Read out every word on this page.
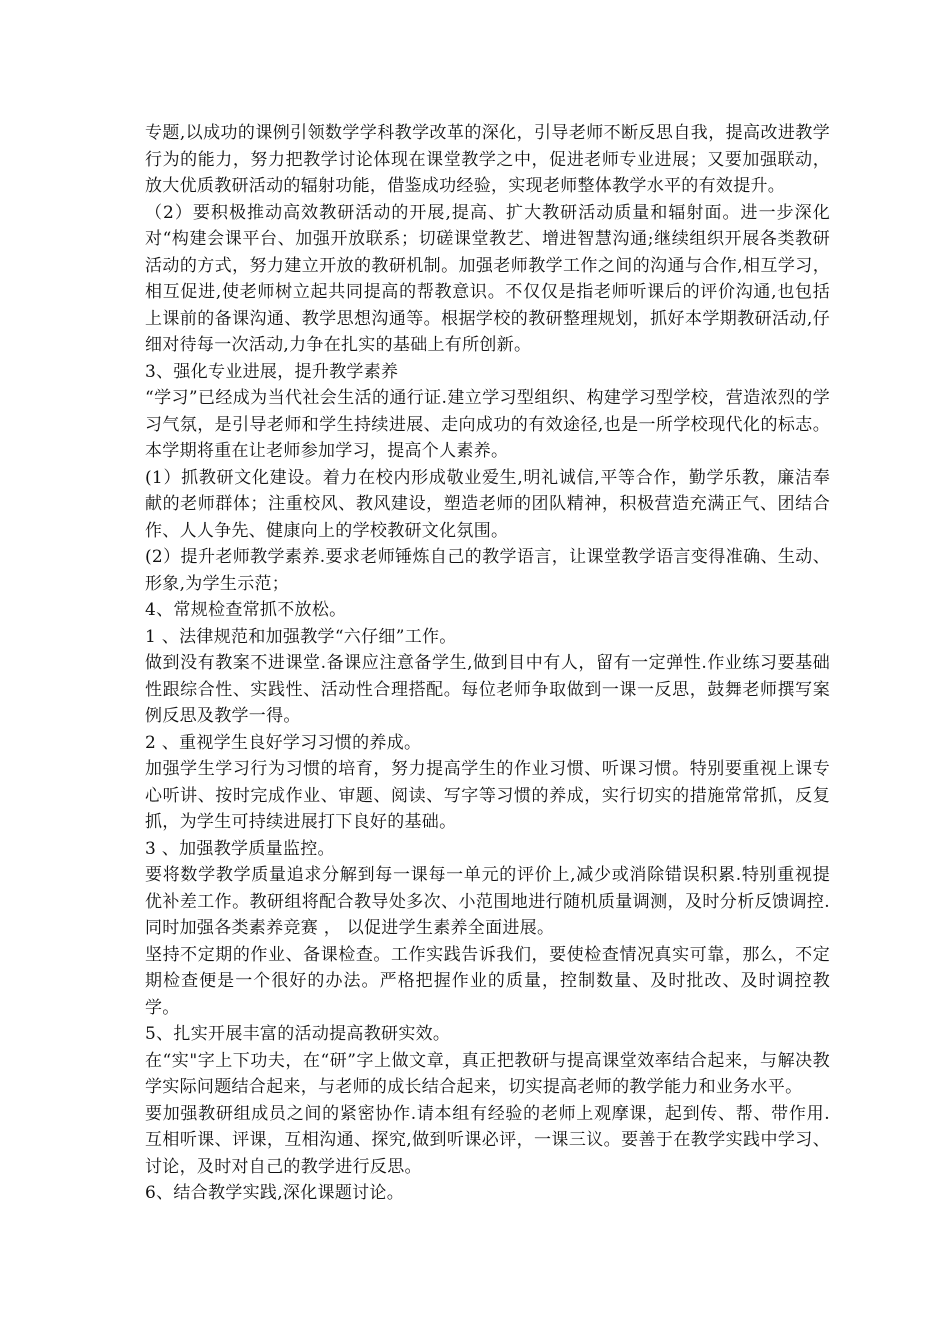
专题,以成功的课例引领数学学科教学改革的深化，引导老师不断反思自我，提高改进教学行为的能力，努力把教学讨论体现在课堂教学之中，促进老师专业进展；又要加强联动，放大优质教研活动的辐射功能，借鉴成功经验，实现老师整体教学水平的有效提升。

（2）要积极推动高效教研活动的开展,提高、扩大教研活动质量和辐射面。进一步深化对“构建会课平台、加强开放联系；切磋课堂教艺、增进智慧沟通;继续组织开展各类教研活动的方式，努力建立开放的教研机制。加强老师教学工作之间的沟通与合作,相互学习，相互促进,使老师树立起共同提高的帮教意识。不仅仅是指老师听课后的评价沟通,也包括上课前的备课沟通、教学思想沟通等。根据学校的教研整理规划，抓好本学期教研活动,仔细对待每一次活动,力争在扎实的基础上有所创新。

3、强化专业进展，提升教学素养

“学习”已经成为当代社会生活的通行证.建立学习型组织、构建学习型学校，营造浓烈的学习气氛，是引导老师和学生持续进展、走向成功的有效途径,也是一所学校现代化的标志。本学期将重在让老师参加学习，提高个人素养。

(1）抓教研文化建设。着力在校内形成敬业爱生,明礼诚信,平等合作，勤学乐教，廉洁奉献的老师群体；注重校风、教风建设，塑造老师的团队精神，积极营造充满正气、团结合作、人人争先、健康向上的学校教研文化氛围。

(2）提升老师教学素养.要求老师锤炼自己的教学语言，让课堂教学语言变得准确、生动、形象,为学生示范；

4、常规检查常抓不放松。

1 、法律规范和加强教学“六仔细”工作。

做到没有教案不进课堂.备课应注意备学生,做到目中有人，留有一定弹性.作业练习要基础性跟综合性、实践性、活动性合理搭配。每位老师争取做到一课一反思，鼓舞老师撰写案例反思及教学一得。

2 、重视学生良好学习习惯的养成。

加强学生学习行为习惯的培育，努力提高学生的作业习惯、听课习惯。特别要重视上课专心听讲、按时完成作业、审题、阅读、写字等习惯的养成，实行切实的措施常常抓，反复抓，为学生可持续进展打下良好的基础。

3 、加强教学质量监控。

要将数学教学质量追求分解到每一课每一单元的评价上,减少或消除错误积累.特别重视提优补差工作。教研组将配合教导处多次、小范围地进行随机质量调测，及时分析反馈调控.同时加强各类素养竞赛 ， 以促进学生素养全面进展。

坚持不定期的作业、备课检查。工作实践告诉我们，要使检查情况真实可靠，那么，不定期检查便是一个很好的办法。严格把握作业的质量，控制数量、及时批改、及时调控教学。

5、扎实开展丰富的活动提高教研实效。

在“实"字上下功夫，在“研”字上做文章，真正把教研与提高课堂效率结合起来，与解决教学实际问题结合起来，与老师的成长结合起来，切实提高老师的教学能力和业务水平。

要加强教研组成员之间的紧密协作.请本组有经验的老师上观摩课，起到传、帮、带作用.互相听课、评课，互相沟通、探究,做到听课必评，一课三议。要善于在教学实践中学习、讨论，及时对自己的教学进行反思。

6、结合教学实践,深化课题讨论。
